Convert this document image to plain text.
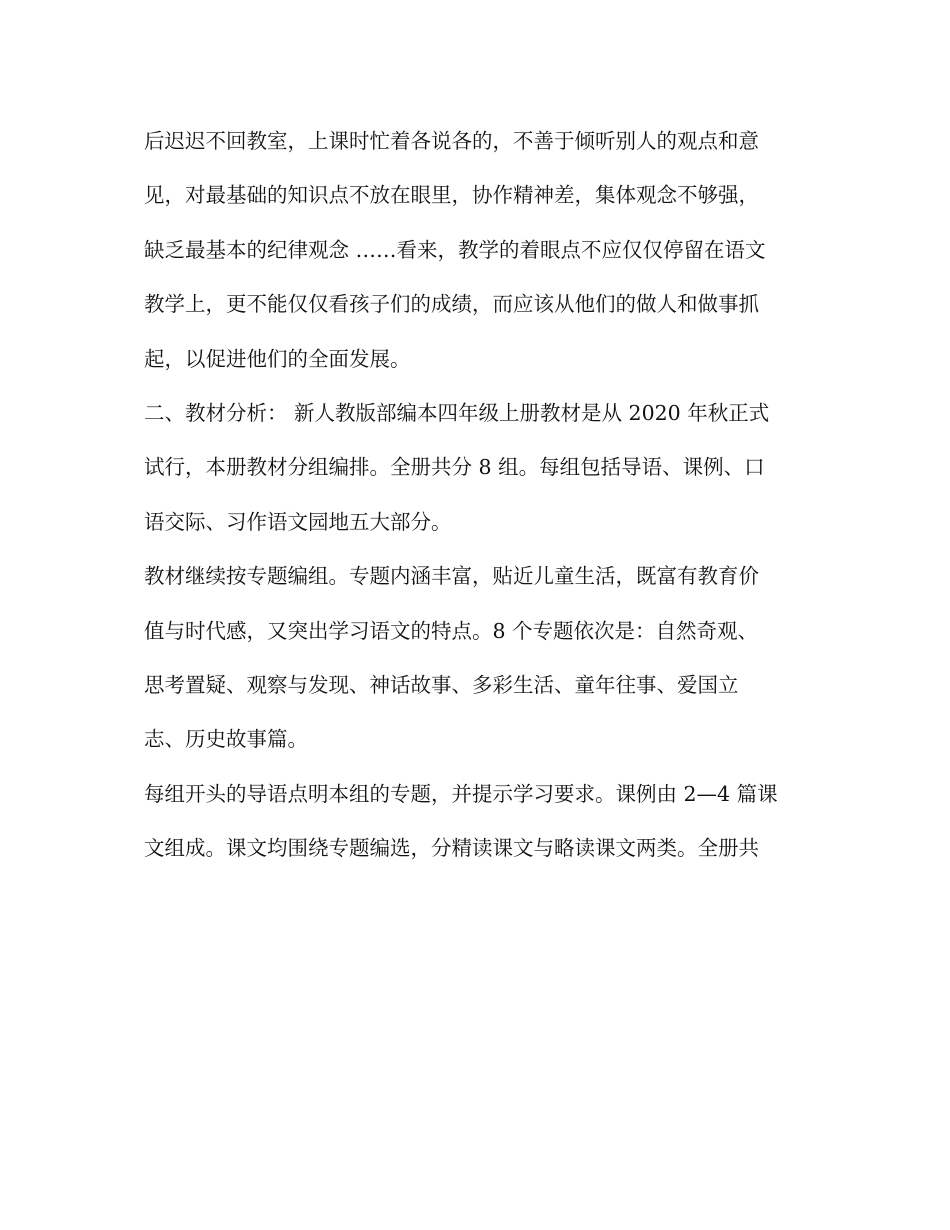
后迟迟不回教室，上课时忙着各说各的，不善于倾听别人的观点和意
见，对最基础的知识点不放在眼里，协作精神差，集体观念不够强，
缺乏最基本的纪律观念 ……看来，教学的着眼点不应仅仅停留在语文
教学上，更不能仅仅看孩子们的成绩，而应该从他们的做人和做事抓
起，以促进他们的全面发展。
二、教材分析： 新人教版部编本四年级上册教材是从 2020 年秋正式
试行，本册教材分组编排。全册共分 8 组。每组包括导语、课例、口
语交际、习作语文园地五大部分。
教材继续按专题编组。专题内涵丰富，贴近儿童生活，既富有教育价
值与时代感，又突出学习语文的特点。8 个专题依次是：自然奇观、
思考置疑、观察与发现、神话故事、多彩生活、童年往事、爱国立
志、历史故事篇。
每组开头的导语点明本组的专题，并提示学习要求。课例由 2—4 篇课
文组成。课文均围绕专题编选，分精读课文与略读课文两类。全册共
